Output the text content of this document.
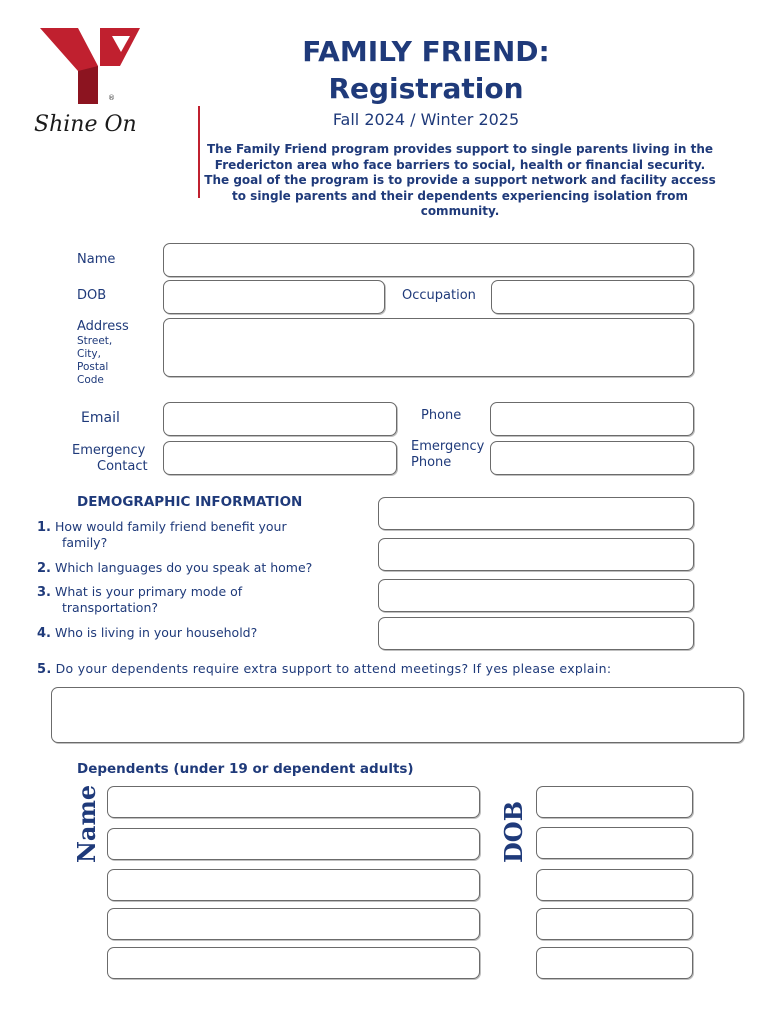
®
Shine On
FAMILY FRIEND:
Registration
Fall 2024 / Winter 2025
The Family Friend program provides support to single parents living in the Fredericton area who face barriers to social, health or financial security. The goal of the program is to provide a support network and facility access to single parents and their dependents experiencing isolation from community.
Name
DOB	Occupation
Address
Street,
City,
Postal
Code
Email	Phone
Emergency
Contact
Emergency
Phone
DEMOGRAPHIC INFORMATION
1. How would family friend benefit your
family?
2. Which languages do you speak at home?
3. What is your primary mode of
transportation?
4. Who is living in your household?
5. Do your dependents require extra support to attend meetings? If yes please explain:
Dependents (under 19 or dependent adults)
Name	DOB
